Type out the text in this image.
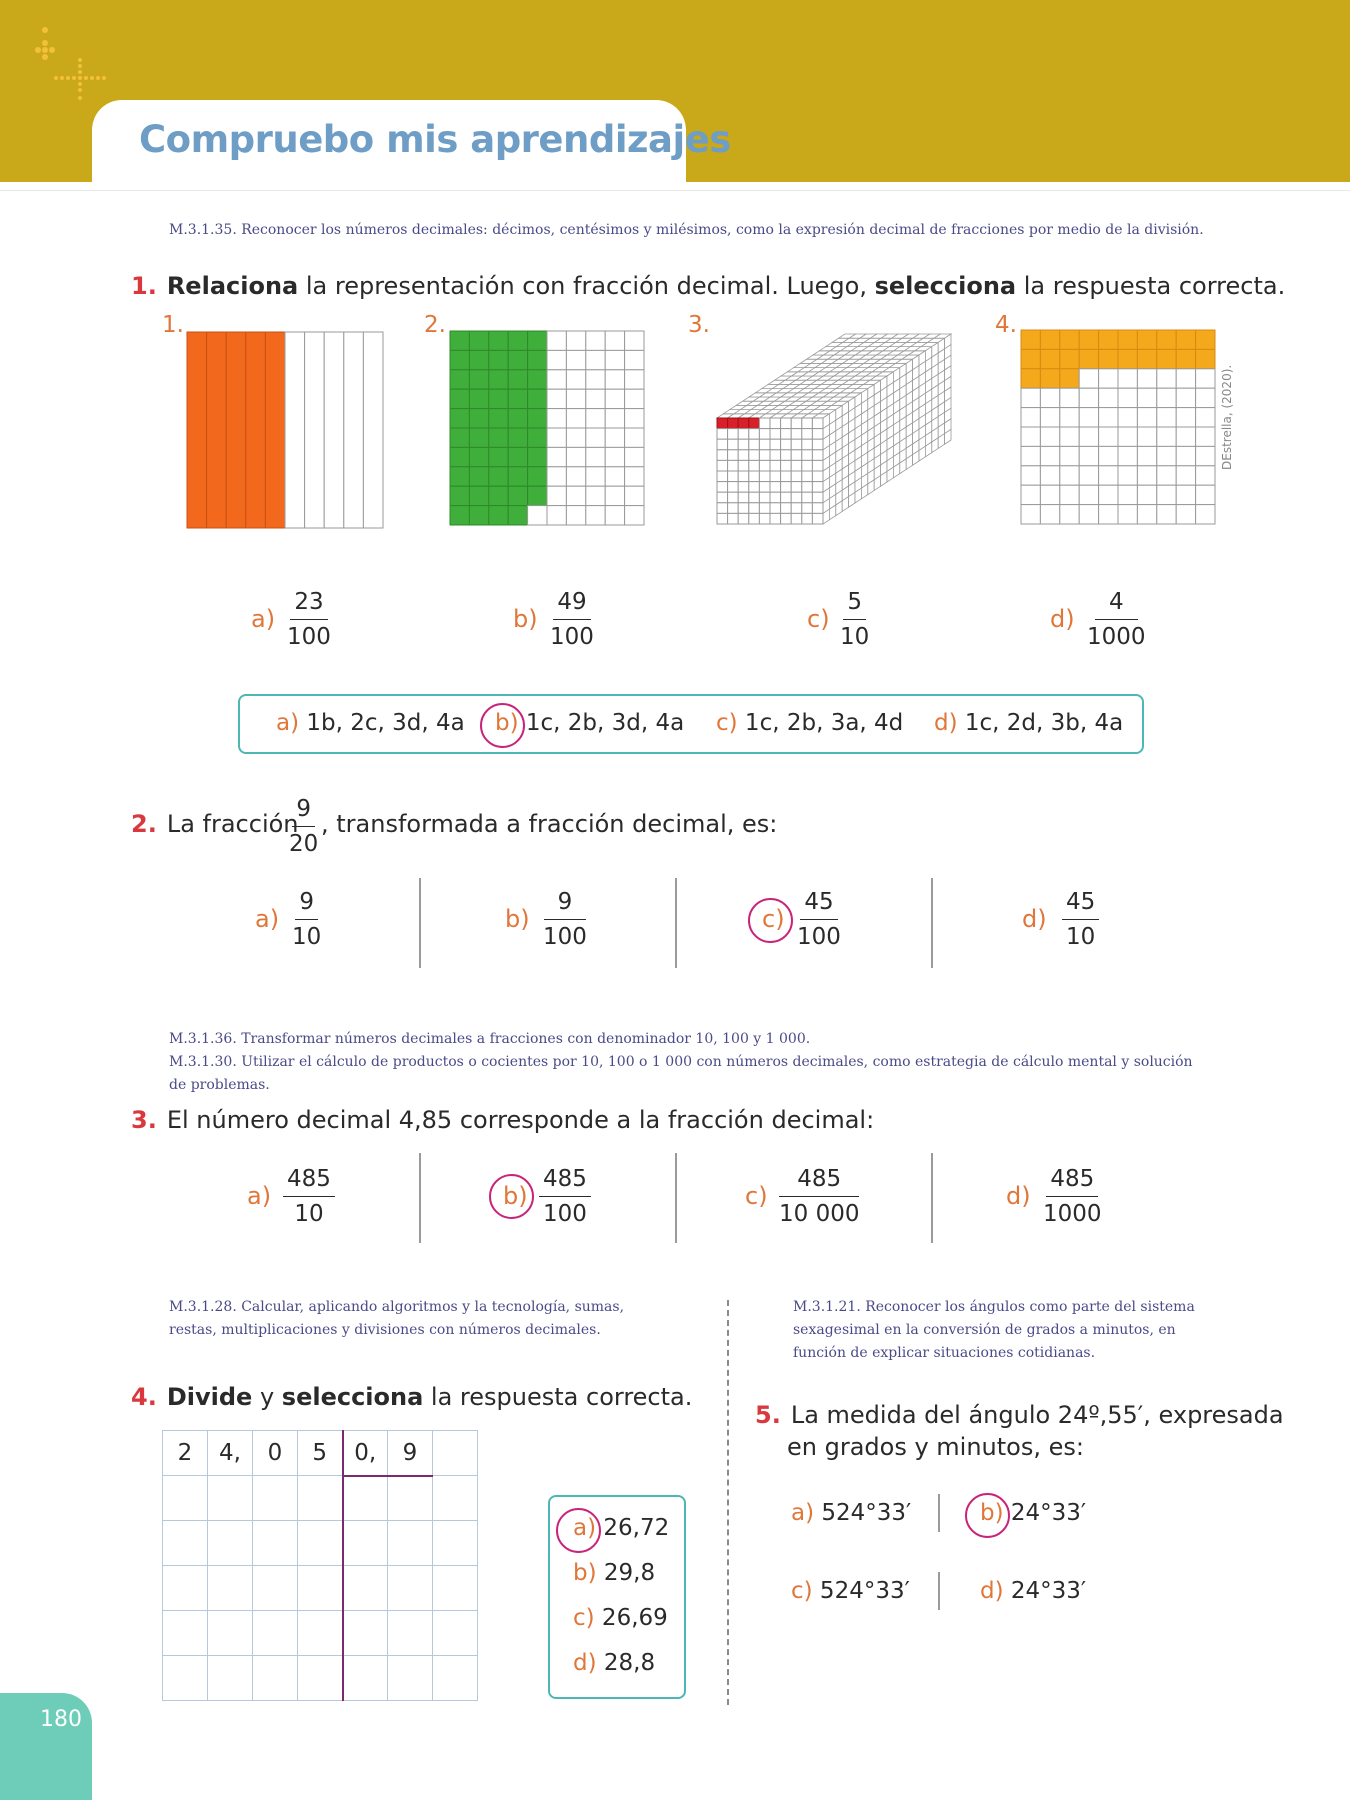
Compruebo mis aprendizajes
M.3.1.35. Reconocer los números decimales: décimos, centésimos y milésimos, como la expresión decimal de fracciones por medio de la división.
1. Relaciona la representación con fracción decimal. Luego, selecciona la respuesta correcta.
1.	2.	3.	4.
DEstrella, (2020).
$a) \frac{23}{100}$	$b) \frac{49}{100}$	$c) \frac{5}{10}$	$d) \frac{4}{1000}$
a) 1b, 2c, 3d, 4a b) 1c, 2b, 3d, 4a c) 1c, 2b, 3a, 4d d) 1c, 2d, 3b, 4a
2. La fracción
$\frac{9}{20}$ , transformada a fracción decimal, es:
$a) \frac{9}{10}$	$b) \frac{9}{100}$	$c) \frac{45}{100}$	$d) \frac{45}{10}$
M.3.1.36. Transformar números decimales a fracciones con denominador 10, 100 y 1 000.
M.3.1.30. Utilizar el cálculo de productos o cocientes por 10, 100 o 1 000 con números decimales, como estrategia de cálculo mental y solución de problemas.
3. El número decimal 4,85 corresponde a la fracción decimal:
$a) \frac{485}{10}$	$b) \frac{485}{100}$	$c) \frac{485}{10 000}$	$d) \frac{485}{1000}$
M.3.1.28. Calcular, aplicando algoritmos y la tecnología, sumas, restas, multiplicaciones y divisiones con números decimales.
M.3.1.21. Reconocer los ángulos como parte del sistema sexagesimal en la conversión de grados a minutos, en función de explicar situaciones cotidianas.
4. Divide y selecciona la respuesta correcta.
2	4,	0	5	0,	9	

a) 26,72
b) 29,8
c) 26,69
d) 28,8
5. La medida del ángulo 24º,55′, expresada
en grados y minutos, es:
a) 524°33′	b) 24°33′
c) 524°33′	d) 24°33′
180
